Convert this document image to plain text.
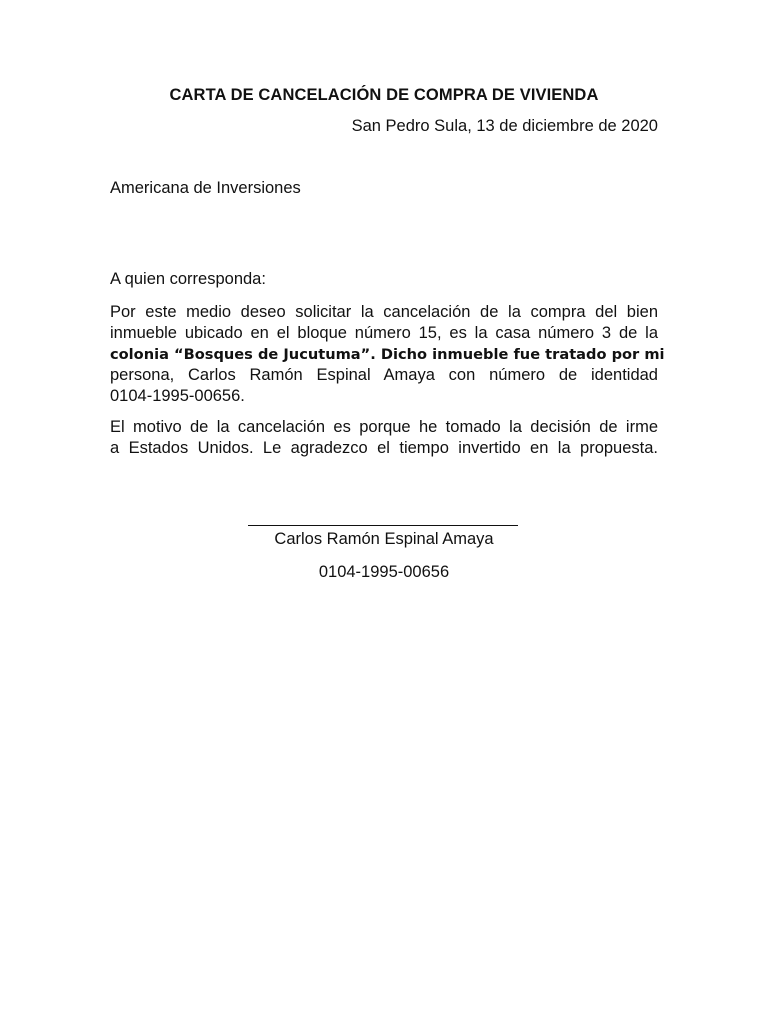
CARTA DE CANCELACIÓN DE COMPRA DE VIVIENDA
San Pedro Sula, 13 de diciembre de 2020
Americana de Inversiones
A quien corresponda:

Por este medio deseo solicitar la cancelación de la compra del bien
inmueble ubicado en el bloque número 15, es la casa número 3 de la
colonia “Bosques de Jucutuma”. Dicho inmueble fue tratado por mi
persona, Carlos Ramón Espinal Amaya con número de identidad
0104-1995-00656.

El motivo de la cancelación es porque he tomado la decisión de irme
a Estados Unidos. Le agradezco el tiempo invertido en la propuesta.

Carlos Ramón Espinal Amaya
0104-1995-00656
